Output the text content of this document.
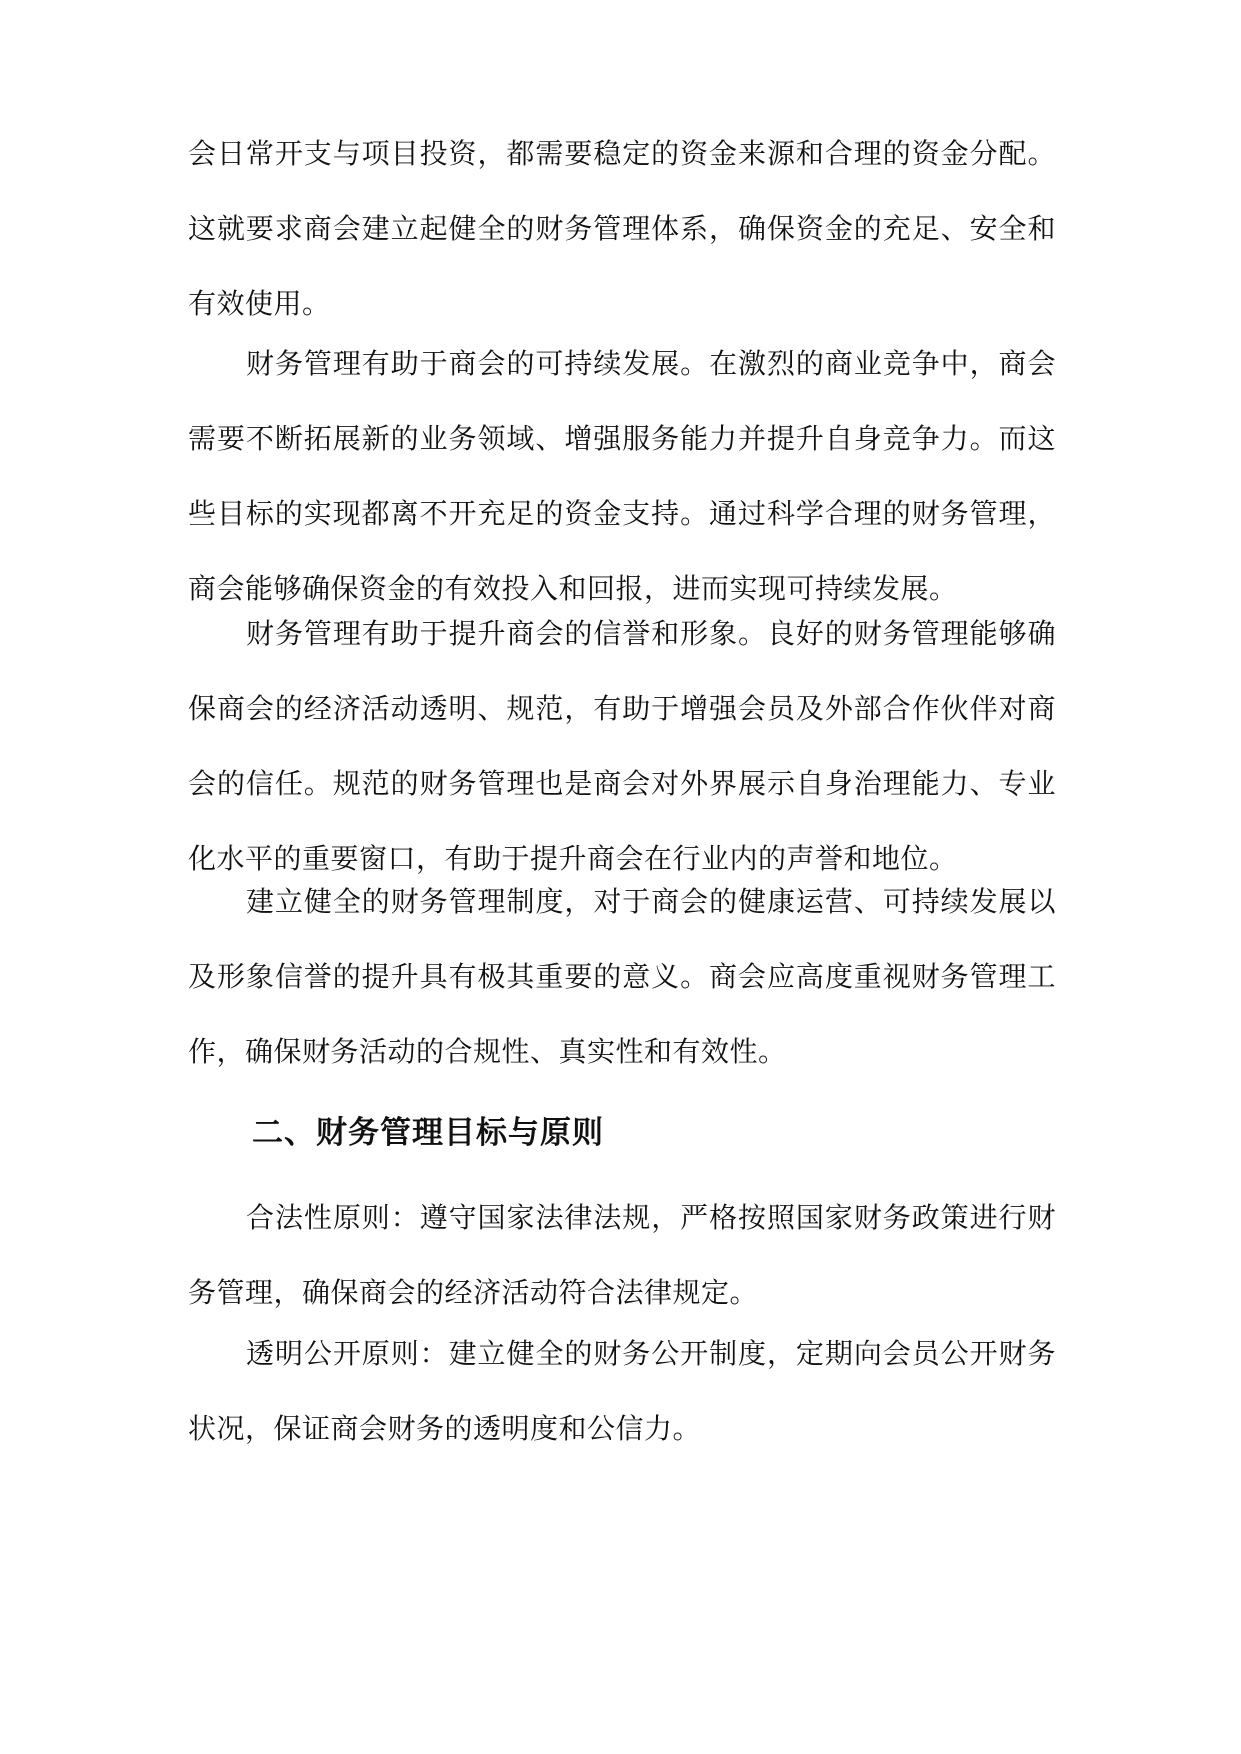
会日常开支与项目投资，都需要稳定的资金来源和合理的资金分配。这就要求商会建立起健全的财务管理体系，确保资金的充足、安全和有效使用。

财务管理有助于商会的可持续发展。在激烈的商业竞争中，商会需要不断拓展新的业务领域、增强服务能力并提升自身竞争力。而这些目标的实现都离不开充足的资金支持。通过科学合理的财务管理，商会能够确保资金的有效投入和回报，进而实现可持续发展。

财务管理有助于提升商会的信誉和形象。良好的财务管理能够确保商会的经济活动透明、规范，有助于增强会员及外部合作伙伴对商会的信任。规范的财务管理也是商会对外界展示自身治理能力、专业化水平的重要窗口，有助于提升商会在行业内的声誉和地位。

建立健全的财务管理制度，对于商会的健康运营、可持续发展以及形象信誉的提升具有极其重要的意义。商会应高度重视财务管理工作，确保财务活动的合规性、真实性和有效性。

二、财务管理目标与原则

合法性原则：遵守国家法律法规，严格按照国家财务政策进行财务管理，确保商会的经济活动符合法律规定。

透明公开原则：建立健全的财务公开制度，定期向会员公开财务状况，保证商会财务的透明度和公信力。
